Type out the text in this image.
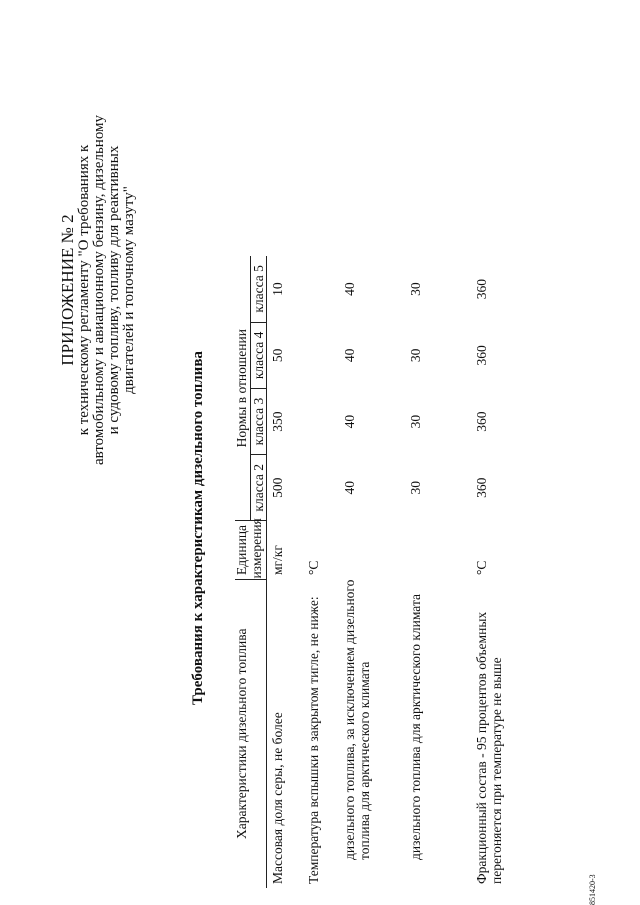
ПРИЛОЖЕНИЕ № 2 к техническому регламенту "О требованиях к автомобильному и авиационному бензину, дизельному и судовому топливу, топливу для реактивных двигателей и топочному мазуту"
Требования к характеристикам дизельного топлива
Характеристики дизельного топлива	Единица измерения	Нормы в отношении			
		класса 2	класса 3	класса 4	класса 5
Массовая доля серы, не более	мг/кг	500	350	50	10
Температура вспышки в закрытом тигле, не ниже:	°С				
дизельного топлива, за исключением дизельного топлива для арктического климата		40	40	40	40
дизельного топлива для арктического климата		30	30	30	30
Фракционный состав - 95 процентов объемных перегоняется при температуре не выше	°С	360	360	360	360
851420-3
